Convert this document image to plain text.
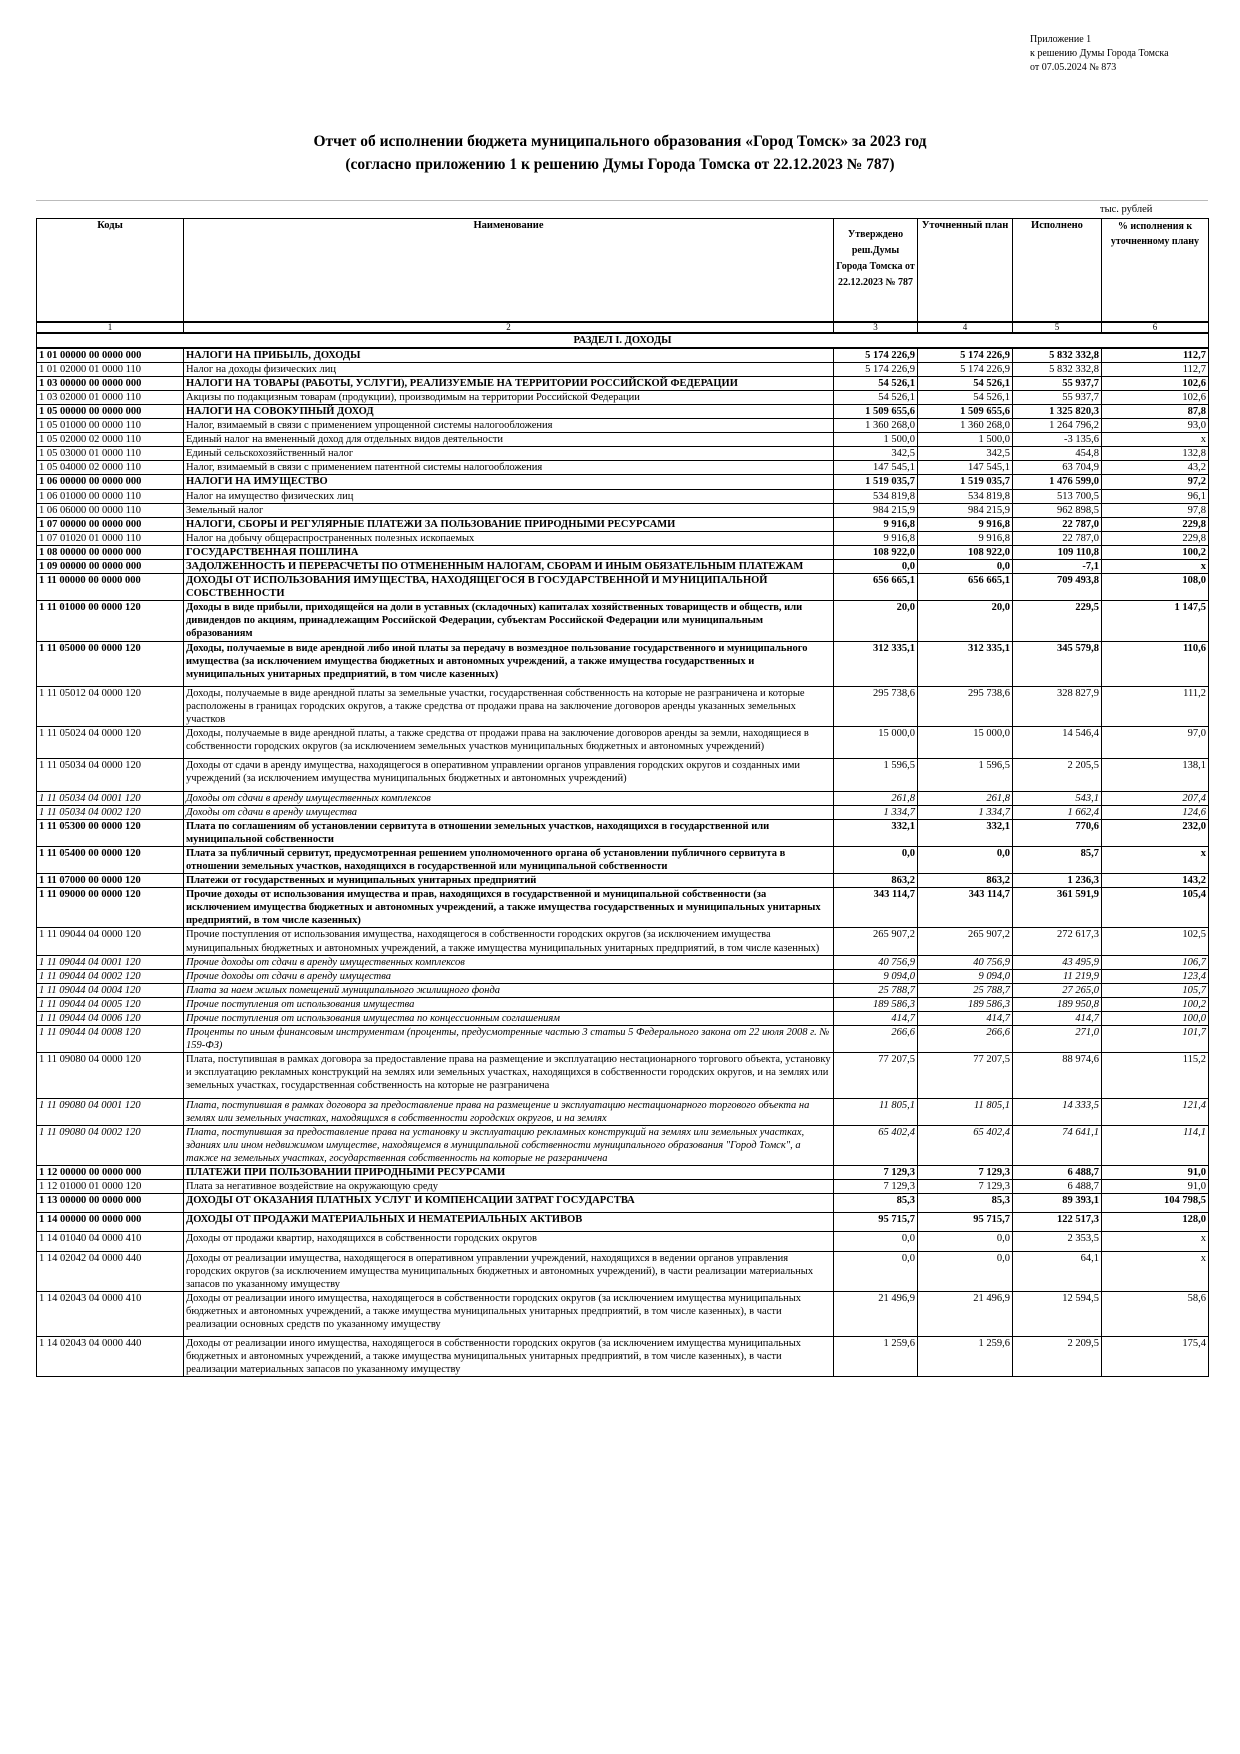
Приложение 1
к решению Думы Города Томска
от 07.05.2024 № 873
Отчет об исполнении бюджета муниципального образования «Город Томск» за 2023 год
(согласно приложению 1 к решению Думы Города Томска от 22.12.2023 № 787)
тыс. рублей
Коды	Наименование	Утверждено реш.Думы Города Томска от 22.12.2023 № 787	Уточненный план	Исполнено	% исполнения к уточненному плану
1	2	3	4	5	6
РАЗДЕЛ I. ДОХОДЫ					
1 01 00000 00 0000 000	НАЛОГИ НА ПРИБЫЛЬ, ДОХОДЫ	5 174 226,9	5 174 226,9	5 832 332,8	112,7
1 01 02000 01 0000 110	Налог на доходы физических лиц	5 174 226,9	5 174 226,9	5 832 332,8	112,7
1 03 00000 00 0000 000	НАЛОГИ НА ТОВАРЫ (РАБОТЫ, УСЛУГИ), РЕАЛИЗУЕМЫЕ НА ТЕРРИТОРИИ РОССИЙСКОЙ ФЕДЕРАЦИИ	54 526,1	54 526,1	55 937,7	102,6
1 03 02000 01 0000 110	Акцизы по подакцизным товарам (продукции), производимым на территории Российской Федерации	54 526,1	54 526,1	55 937,7	102,6
1 05 00000 00 0000 000	НАЛОГИ НА СОВОКУПНЫЙ ДОХОД	1 509 655,6	1 509 655,6	1 325 820,3	87,8
1 05 01000 00 0000 110	Налог, взимаемый в связи с применением упрощенной системы налогообложения	1 360 268,0	1 360 268,0	1 264 796,2	93,0
1 05 02000 02 0000 110	Единый налог на вмененный доход для отдельных видов деятельности	1 500,0	1 500,0	-3 135,6	x
1 05 03000 01 0000 110	Единый сельскохозяйственный налог	342,5	342,5	454,8	132,8
1 05 04000 02 0000 110	Налог, взимаемый в связи с применением патентной системы налогообложения	147 545,1	147 545,1	63 704,9	43,2
1 06 00000 00 0000 000	НАЛОГИ НА ИМУЩЕСТВО	1 519 035,7	1 519 035,7	1 476 599,0	97,2
1 06 01000 00 0000 110	Налог на имущество физических лиц	534 819,8	534 819,8	513 700,5	96,1
1 06 06000 00 0000 110	Земельный налог	984 215,9	984 215,9	962 898,5	97,8
1 07 00000 00 0000 000	НАЛОГИ, СБОРЫ И РЕГУЛЯРНЫЕ ПЛАТЕЖИ ЗА ПОЛЬЗОВАНИЕ ПРИРОДНЫМИ РЕСУРСАМИ	9 916,8	9 916,8	22 787,0	229,8
1 07 01020 01 0000 110	Налог на добычу общераспространенных полезных ископаемых	9 916,8	9 916,8	22 787,0	229,8
1 08 00000 00 0000 000	ГОСУДАРСТВЕННАЯ ПОШЛИНА	108 922,0	108 922,0	109 110,8	100,2
1 09 00000 00 0000 000	ЗАДОЛЖЕННОСТЬ И ПЕРЕРАСЧЕТЫ ПО ОТМЕНЕННЫМ НАЛОГАМ, СБОРАМ И ИНЫМ ОБЯЗАТЕЛЬНЫМ ПЛАТЕЖАМ	0,0	0,0	-7,1	x
1 11 00000 00 0000 000	ДОХОДЫ ОТ ИСПОЛЬЗОВАНИЯ ИМУЩЕСТВА, НАХОДЯЩЕГОСЯ В ГОСУДАРСТВЕННОЙ И МУНИЦИПАЛЬНОЙ СОБСТВЕННОСТИ	656 665,1	656 665,1	709 493,8	108,0
1 11 01000 00 0000 120	Доходы в виде прибыли, приходящейся на доли в уставных (складочных) капиталах хозяйственных товариществ и обществ, или дивидендов по акциям, принадлежащим Российской Федерации, субъектам Российской Федерации или муниципальным образованиям	20,0	20,0	229,5	1 147,5
1 11 05000 00 0000 120	Доходы, получаемые в виде арендной либо иной платы за передачу в возмездное пользование государственного и муниципального имущества (за исключением имущества бюджетных и автономных учреждений, а также имущества государственных и муниципальных унитарных предприятий, в том числе казенных)	312 335,1	312 335,1	345 579,8	110,6
1 11 05012 04 0000 120	Доходы, получаемые в виде арендной платы за земельные участки, государственная собственность на которые не разграничена и которые расположены в границах городских округов, а также средства от продажи права на заключение договоров аренды указанных земельных участков	295 738,6	295 738,6	328 827,9	111,2
1 11 05024 04 0000 120	Доходы, получаемые в виде арендной платы, а также средства от продажи права на заключение договоров аренды за земли, находящиеся в собственности городских округов (за исключением земельных участков муниципальных бюджетных и автономных учреждений)	15 000,0	15 000,0	14 546,4	97,0
1 11 05034 04 0000 120	Доходы от сдачи в аренду имущества, находящегося в оперативном управлении органов управления городских округов и созданных ими учреждений (за исключением имущества муниципальных бюджетных и автономных учреждений)	1 596,5	1 596,5	2 205,5	138,1
1 11 05034 04 0001 120	Доходы от сдачи в аренду имущественных комплексов	261,8	261,8	543,1	207,4
1 11 05034 04 0002 120	Доходы от сдачи в аренду имущества	1 334,7	1 334,7	1 662,4	124,6
1 11 05300 00 0000 120	Плата по соглашениям об установлении сервитута в отношении земельных участков, находящихся в государственной или муниципальной собственности	332,1	332,1	770,6	232,0
1 11 05400 00 0000 120	Плата за публичный сервитут, предусмотренная решением уполномоченного органа об установлении публичного сервитута в отношении земельных участков, находящихся в государственной или муниципальной собственности	0,0	0,0	85,7	x
1 11 07000 00 0000 120	Платежи от государственных и муниципальных унитарных предприятий	863,2	863,2	1 236,3	143,2
1 11 09000 00 0000 120	Прочие доходы от использования имущества и прав, находящихся в государственной и муниципальной собственности (за исключением имущества бюджетных и автономных учреждений, а также имущества государственных и муниципальных унитарных предприятий, в том числе казенных)	343 114,7	343 114,7	361 591,9	105,4
1 11 09044 04 0000 120	Прочие поступления от использования имущества, находящегося в собственности городских округов (за исключением имущества муниципальных бюджетных и автономных учреждений, а также имущества муниципальных унитарных предприятий, в том числе казенных)	265 907,2	265 907,2	272 617,3	102,5
1 11 09044 04 0001 120	Прочие доходы от сдачи в аренду имущественных комплексов	40 756,9	40 756,9	43 495,9	106,7
1 11 09044 04 0002 120	Прочие доходы от сдачи в аренду имущества	9 094,0	9 094,0	11 219,9	123,4
1 11 09044 04 0004 120	Плата за наем жилых помещений муниципального жилищного фонда	25 788,7	25 788,7	27 265,0	105,7
1 11 09044 04 0005 120	Прочие поступления от использования имущества	189 586,3	189 586,3	189 950,8	100,2
1 11 09044 04 0006 120	Прочие поступления от использования имущества по концессионным соглашениям	414,7	414,7	414,7	100,0
1 11 09044 04 0008 120	Проценты по иным финансовым инструментам (проценты, предусмотренные частью 3 статьи 5 Федерального закона от 22 июля 2008 г. № 159-ФЗ)	266,6	266,6	271,0	101,7
1 11 09080 04 0000 120	Плата, поступившая в рамках договора за предоставление права на размещение и эксплуатацию нестационарного торгового объекта, установку и эксплуатацию рекламных конструкций на землях или земельных участках, находящихся в собственности городских округов, и на землях или земельных участках, государственная собственность на которые не разграничена	77 207,5	77 207,5	88 974,6	115,2
1 11 09080 04 0001 120	Плата, поступившая в рамках договора за предоставление права на размещение и эксплуатацию нестационарного торгового объекта на землях или земельных участках, находящихся в собственности городских округов, и на землях	11 805,1	11 805,1	14 333,5	121,4
1 11 09080 04 0002 120	Плата, поступившая за предоставление права на установку и эксплуатацию рекламных конструкций на землях или земельных участках, зданиях или ином недвижимом имуществе, находящемся в муниципальной собственности муниципального образования "Город Томск", а также на земельных участках, государственная собственность на которые не разграничена	65 402,4	65 402,4	74 641,1	114,1
1 12 00000 00 0000 000	ПЛАТЕЖИ ПРИ ПОЛЬЗОВАНИИ ПРИРОДНЫМИ РЕСУРСАМИ	7 129,3	7 129,3	6 488,7	91,0
1 12 01000 01 0000 120	Плата за негативное воздействие на окружающую среду	7 129,3	7 129,3	6 488,7	91,0
1 13 00000 00 0000 000	ДОХОДЫ ОТ ОКАЗАНИЯ ПЛАТНЫХ УСЛУГ И КОМПЕНСАЦИИ ЗАТРАТ ГОСУДАРСТВА	85,3	85,3	89 393,1	104 798,5
1 14 00000 00 0000 000	ДОХОДЫ ОТ ПРОДАЖИ МАТЕРИАЛЬНЫХ И НЕМАТЕРИАЛЬНЫХ АКТИВОВ	95 715,7	95 715,7	122 517,3	128,0
1 14 01040 04 0000 410	Доходы от продажи квартир, находящихся в собственности городских округов	0,0	0,0	2 353,5	x
1 14 02042 04 0000 440	Доходы от реализации имущества, находящегося в оперативном управлении учреждений, находящихся в ведении органов управления городских округов (за исключением имущества муниципальных бюджетных и автономных учреждений), в части реализации материальных запасов по указанному имуществу	0,0	0,0	64,1	x
1 14 02043 04 0000 410	Доходы от реализации иного имущества, находящегося в собственности городских округов (за исключением имущества муниципальных бюджетных и автономных учреждений, а также имущества муниципальных унитарных предприятий, в том числе казенных), в части реализации основных средств по указанному имуществу	21 496,9	21 496,9	12 594,5	58,6
1 14 02043 04 0000 440	Доходы от реализации иного имущества, находящегося в собственности городских округов (за исключением имущества муниципальных бюджетных и автономных учреждений, а также имущества муниципальных унитарных предприятий, в том числе казенных), в части реализации материальных запасов по указанному имуществу	1 259,6	1 259,6	2 209,5	175,4
